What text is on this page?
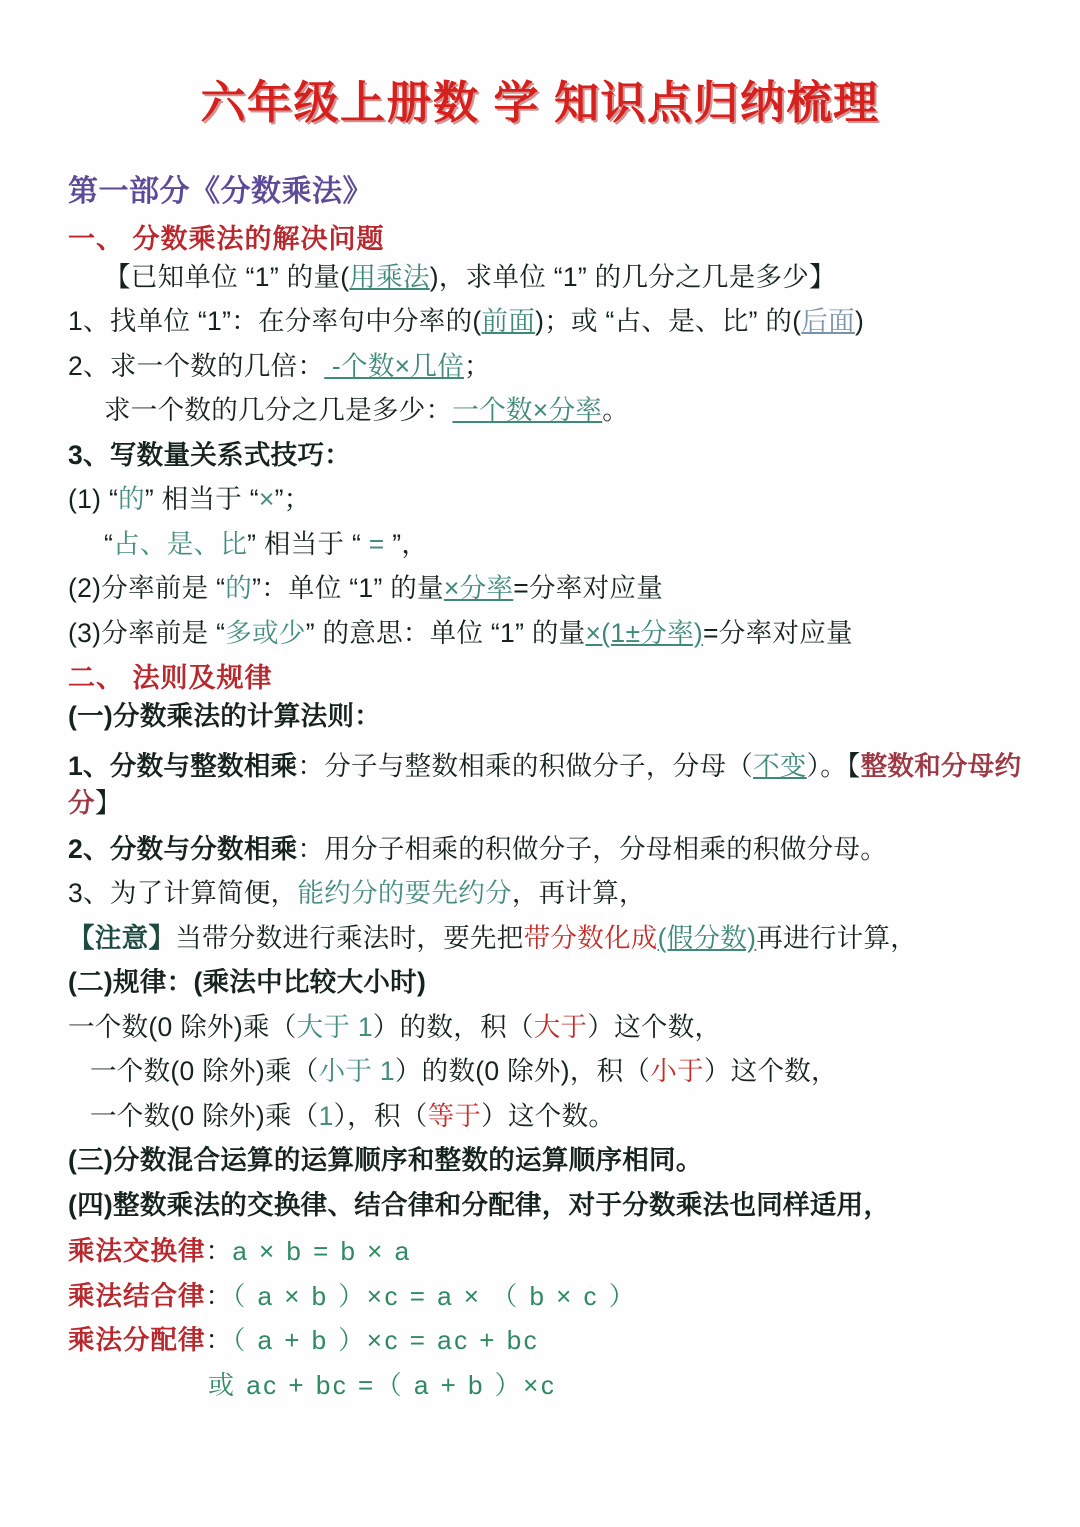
六年级上册数 学 知识点归纳梳理
第一部分《分数乘法》
一、 分数乘法的解决问题
【已知单位 “1” 的量(用乘法)，求单位 “1” 的几分之几是多少】
1、找单位 “1”：在分率句中分率的(前面)；或 “占、是、比” 的(后面)
2、求一个数的几倍： -个数×几倍；
求一个数的几分之几是多少：一个数×分率。
3、写数量关系式技巧：
(1) “的” 相当于 “×”；
“占、是、比” 相当于 “ = ”，
(2)分率前是 “的”：单位 “1” 的量×分率=分率对应量
(3)分率前是 “多或少” 的意思：单位 “1” 的量×(1±分率)=分率对应量
二、 法则及规律
(一)分数乘法的计算法则：
1、分数与整数相乘：分子与整数相乘的积做分子，分母（不变）。【整数和分母约分】
2、分数与分数相乘：用分子相乘的积做分子，分母相乘的积做分母。
3、为了计算简便，能约分的要先约分，再计算，
【注意】当带分数进行乘法时，要先把带分数化成(假分数)再进行计算，
(二)规律：(乘法中比较大小时)
一个数(0 除外)乘（大于 1）的数，积（大于）这个数，
一个数(0 除外)乘（小于 1）的数(0 除外)，积（小于）这个数，
一个数(0 除外)乘（1），积（等于）这个数。
(三)分数混合运算的运算顺序和整数的运算顺序相同。
(四)整数乘法的交换律、结合律和分配律，对于分数乘法也同样适用，
乘法交换律：a × b = b × a
乘法结合律：（ a × b ）×c = a × （ b × c ）
乘法分配律：（ a + b ）×c = ac + bc
或 ac + bc =（ a + b ）×c
